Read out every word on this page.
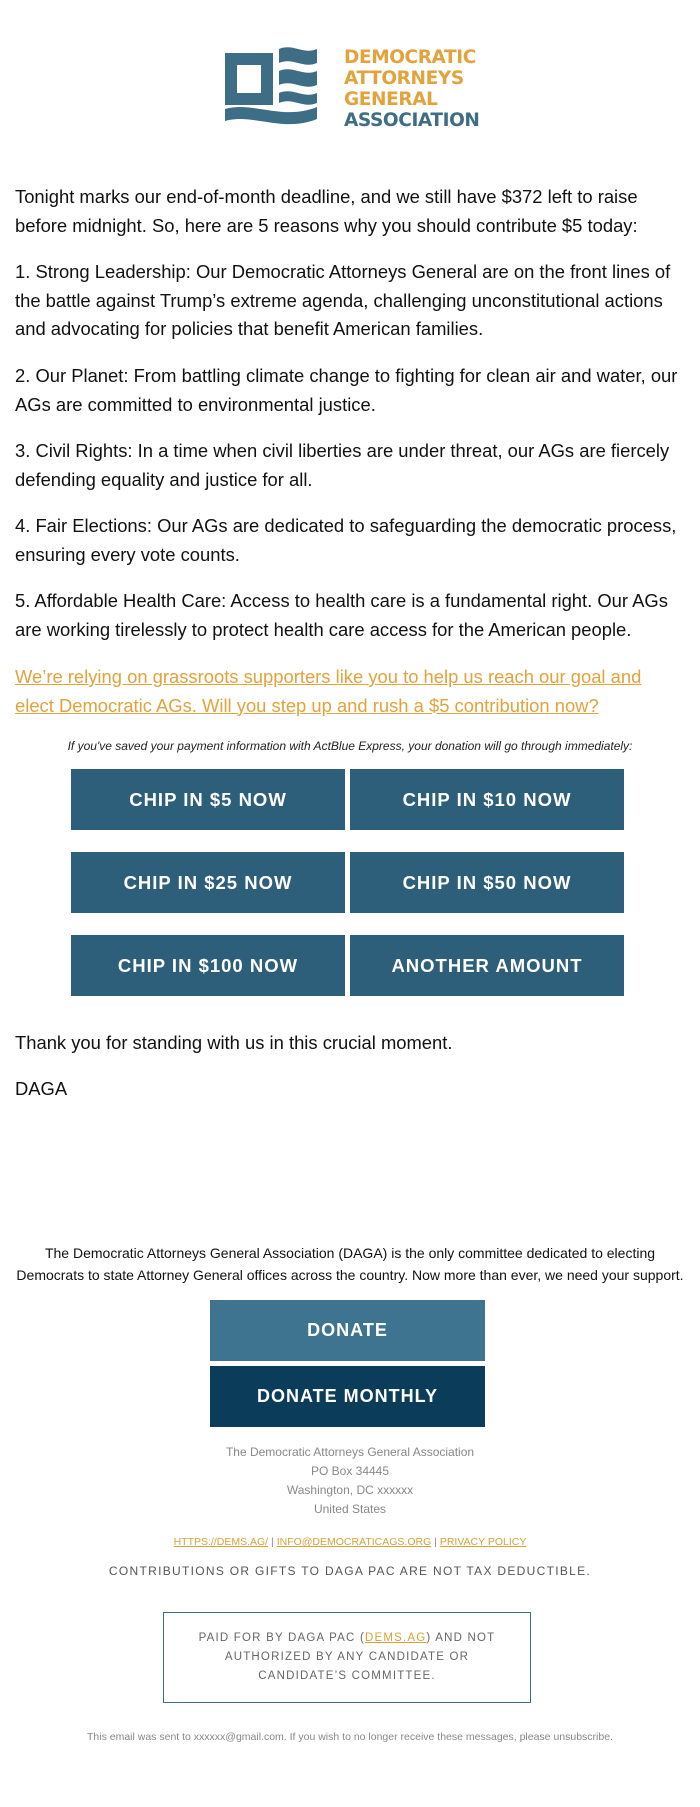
DEMOCRATIC
ATTORNEYS
GENERAL
ASSOCIATION

Tonight marks our end-of-month deadline, and we still have $372 left to raise before midnight. So, here are 5 reasons why you should contribute $5 today:

1. Strong Leadership: Our Democratic Attorneys General are on the front lines of the battle against Trump’s extreme agenda, challenging unconstitutional actions and advocating for policies that benefit American families.

2. Our Planet: From battling climate change to fighting for clean air and water, our AGs are committed to environmental justice.

3. Civil Rights: In a time when civil liberties are under threat, our AGs are fiercely defending equality and justice for all.

4. Fair Elections: Our AGs are dedicated to safeguarding the democratic process, ensuring every vote counts.

5. Affordable Health Care: Access to health care is a fundamental right. Our AGs are working tirelessly to protect health care access for the American people.

We’re relying on grassroots supporters like you to help us reach our goal and elect Democratic AGs. Will you step up and rush a $5 contribution now?
If you've saved your payment information with ActBlue Express, your donation will go through immediately:
CHIP IN $5 NOW	CHIP IN $10 NOW
CHIP IN $25 NOW	CHIP IN $50 NOW
CHIP IN $100 NOW	ANOTHER AMOUNT
Thank you for standing with us in this crucial moment.
DAGA
The Democratic Attorneys General Association (DAGA) is the only committee dedicated to electing
Democrats to state Attorney General offices across the country. Now more than ever, we need your support.
DONATE
DONATE MONTHLY
The Democratic Attorneys General Association
PO Box 34445
Washington, DC xxxxxx
United States
HTTPS://DEMS.AG/ | INFO@DEMOCRATICAGS.ORG | PRIVACY POLICY
CONTRIBUTIONS OR GIFTS TO DAGA PAC ARE NOT TAX DEDUCTIBLE.
PAID FOR BY DAGA PAC (DEMS.AG) AND NOT AUTHORIZED BY ANY CANDIDATE OR CANDIDATE’S COMMITTEE.
This email was sent to xxxxxx@gmail.com. If you wish to no longer receive these messages, please unsubscribe.
